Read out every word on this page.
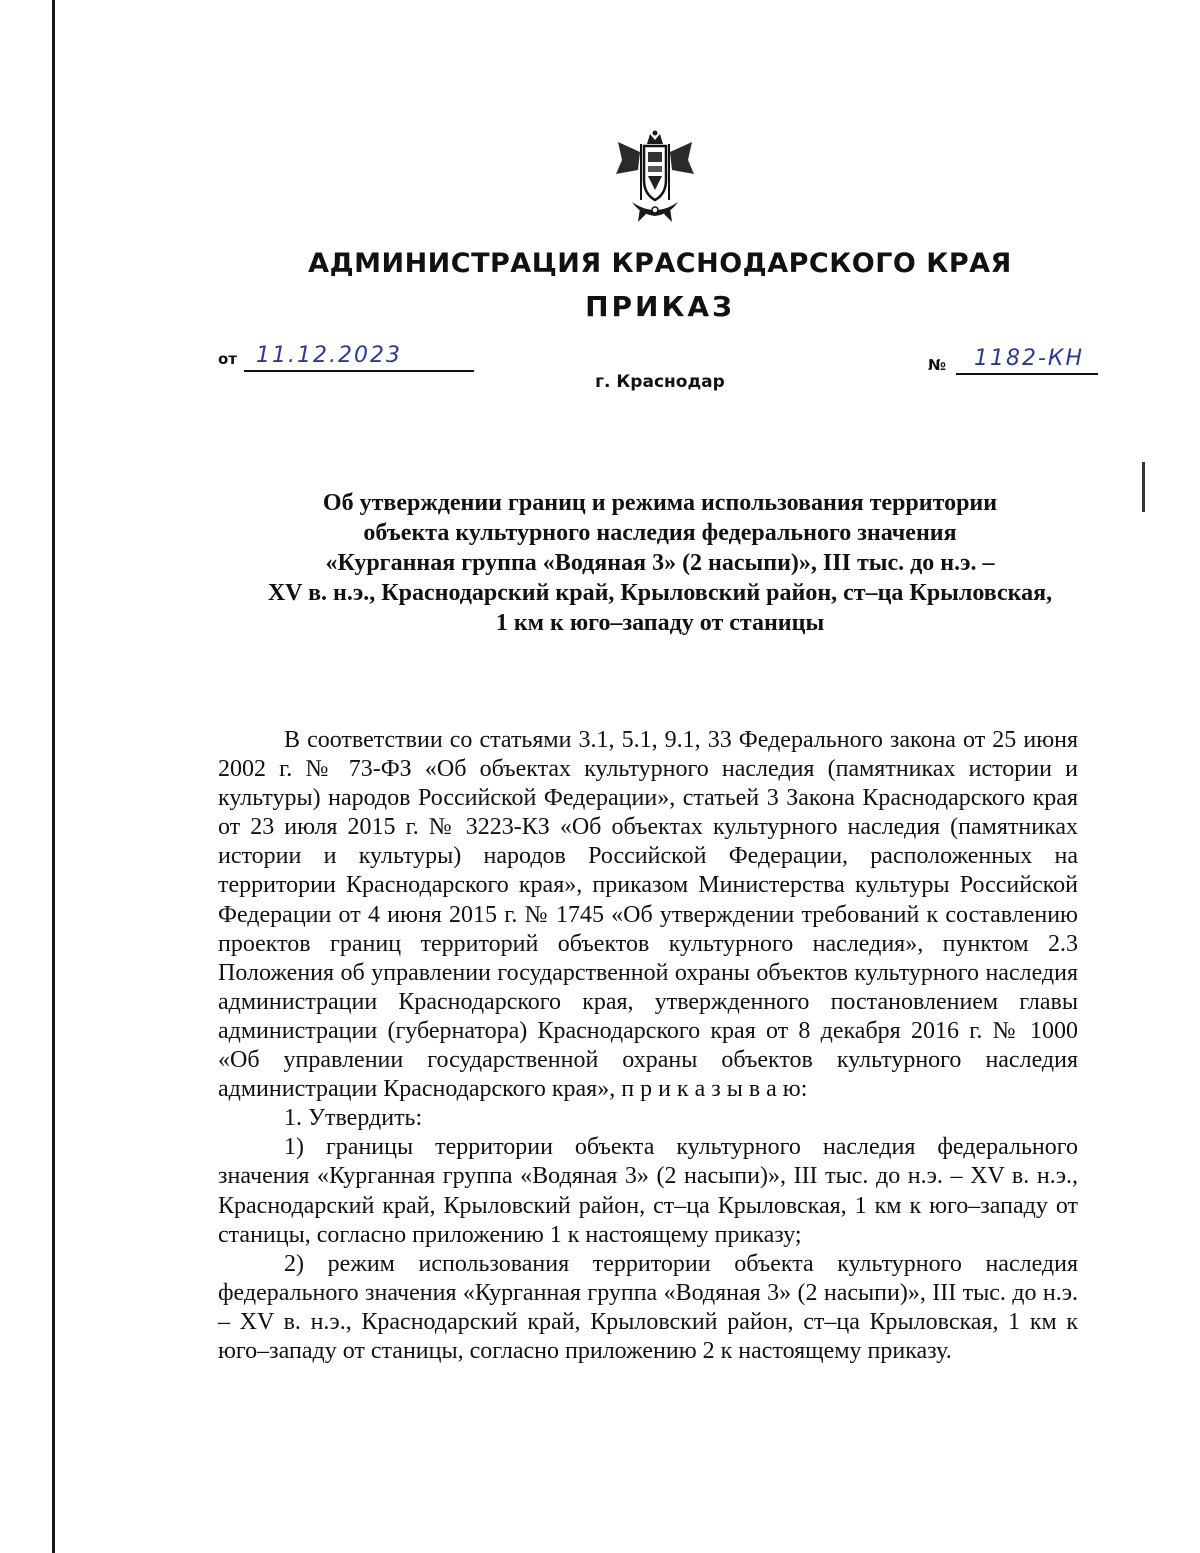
АДМИНИСТРАЦИЯ КРАСНОДАРСКОГО КРАЯ
ПРИКАЗ
от 11.12.2023
г. Краснодар
№ 1182-КН
Об утверждении границ и режима использования территории
объекта культурного наследия федерального значения
«Курганная группа «Водяная 3» (2 насыпи)», III тыс. до н.э. –
XV в. н.э., Краснодарский край, Крыловский район, ст–ца Крыловская,
1 км к юго–западу от станицы

В соответствии со статьями 3.1, 5.1, 9.1, 33 Федерального закона от 25 июня 2002 г. № 73-ФЗ «Об объектах культурного наследия (памятниках истории и культуры) народов Российской Федерации», статьей 3 Закона Краснодарского края от 23 июля 2015 г. № 3223-КЗ «Об объектах культурного наследия (памятниках истории и культуры) народов Российской Федерации, расположенных на территории Краснодарского края», приказом Министерства культуры Российской Федерации от 4 июня 2015 г. № 1745 «Об утверждении требований к составлению проектов границ территорий объектов культурного наследия», пунктом 2.3 Положения об управлении государственной охраны объектов культурного наследия администрации Краснодарского края, утвержденного постановлением главы администрации (губернатора) Краснодарского края от 8 декабря 2016 г. № 1000 «Об управлении государственной охраны объектов культурного наследия администрации Краснодарского края», п р и к а з ы в а ю:

1. Утвердить:

1) границы территории объекта культурного наследия федерального значения «Курганная группа «Водяная 3» (2 насыпи)», III тыс. до н.э. – XV в. н.э., Краснодарский край, Крыловский район, ст–ца Крыловская, 1 км к юго–западу от станицы, согласно приложению 1 к настоящему приказу;

2) режим использования территории объекта культурного наследия федерального значения «Курганная группа «Водяная 3» (2 насыпи)», III тыс. до н.э. – XV в. н.э., Краснодарский край, Крыловский район, ст–ца Крыловская, 1 км к юго–западу от станицы, согласно приложению 2 к настоящему приказу.
